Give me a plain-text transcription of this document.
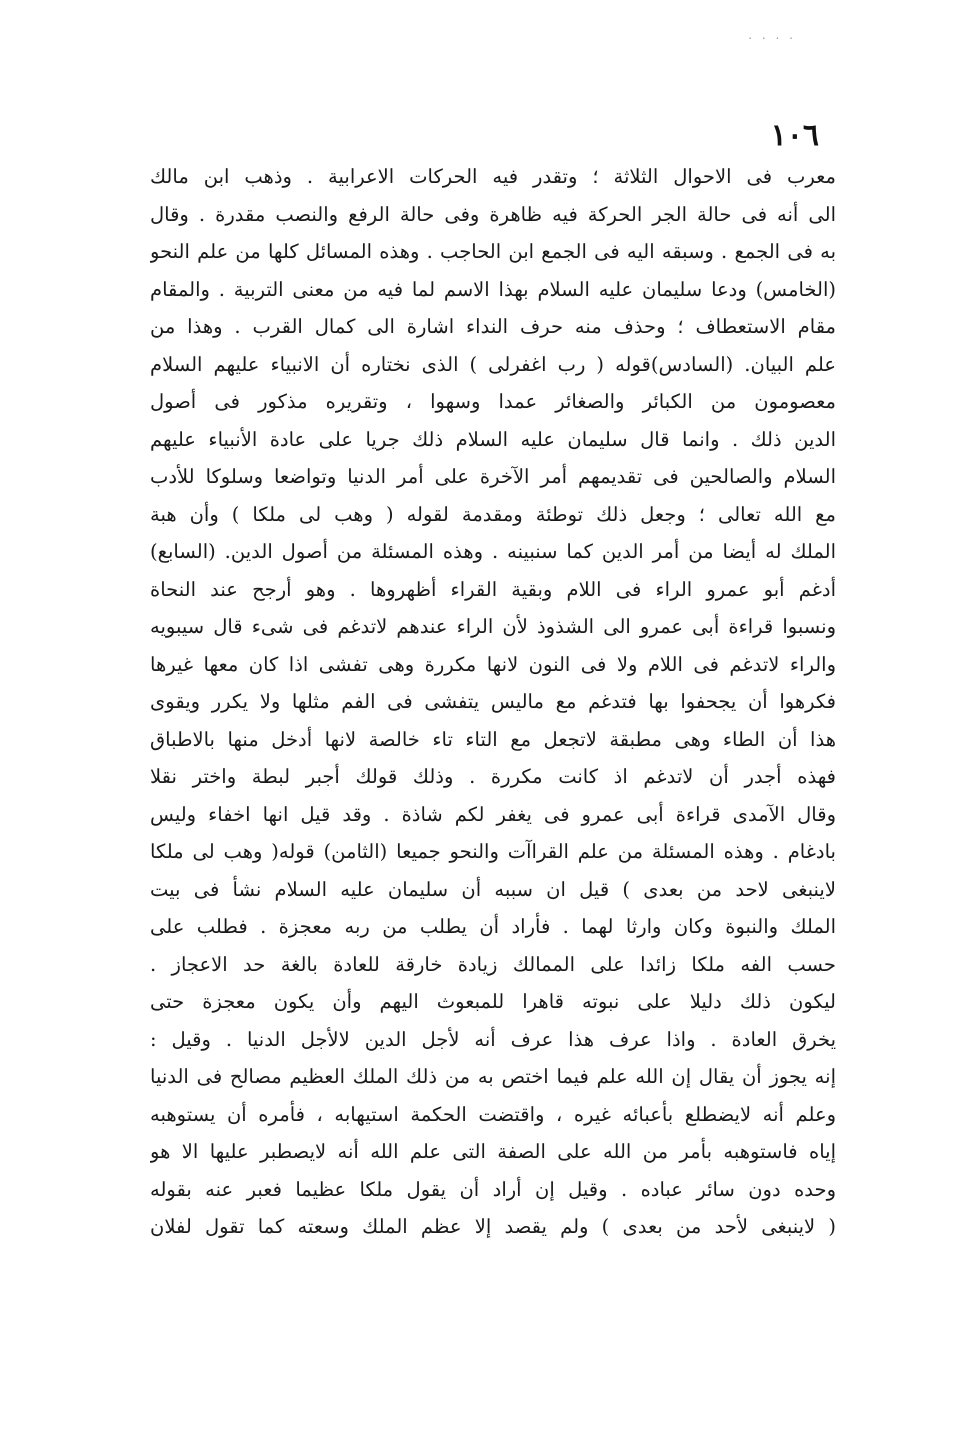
. . . .
١٠٦
معرب فى الاحوال الثلاثة ؛ وتقدر فيه الحركات الاعرابية . وذهب ابن مالك
الى أنه فى حالة الجر الحركة فيه ظاهرة وفى حالة الرفع والنصب مقدرة . وقال
به فى الجمع . وسبقه اليه فى الجمع ابن الحاجب . وهذه المسائل كلها من علم النحو
(الخامس) ودعا سليمان عليه السلام بهذا الاسم لما فيه من معنى التربية . والمقام
مقام الاستعطاف ؛ وحذف منه حرف النداء اشارة الى كمال القرب . وهذا من
علم البيان. (السادس)قوله ( رب اغفرلى ) الذى نختاره أن الانبياء عليهم السلام
معصومون من الكبائر والصغائر عمدا وسهوا ، وتقريره مذكور فى أصول
الدين ذلك . وانما قال سليمان عليه السلام ذلك جريا على عادة الأنبياء عليهم
السلام والصالحين فى تقديمهم أمر الآخرة على أمر الدنيا وتواضعا وسلوكا للأدب
مع الله تعالى ؛ وجعل ذلك توطئة ومقدمة لقوله ( وهب لى ملكا ) وأن هبة
الملك له أيضا من أمر الدين كما سنبينه . وهذه المسئلة من أصول الدين. (السابع)
أدغم أبو عمرو الراء فى اللام وبقية القراء أظهروها . وهو أرجح عند النحاة
ونسبوا قراءة أبى عمرو الى الشذوذ لأن الراء عندهم لاتدغم فى شىء قال سيبويه
والراء لاتدغم فى اللام ولا فى النون لانها مكررة وهى تفشى اذا كان معها غيرها
فكرهوا أن يجحفوا بها فتدغم مع ماليس يتفشى فى الفم مثلها ولا يكرر ويقوى
هذا أن الطاء وهى مطبقة لاتجعل مع التاء تاء خالصة لانها أدخل منها بالاطباق
فهذه أجدر أن لاتدغم اذ كانت مكررة . وذلك قولك أجبر لبطة واختر نقلا
وقال الآمدى قراءة أبى عمرو فى يغفر لكم شاذة . وقد قيل انها اخفاء وليس
بادغام . وهذه المسئلة من علم القراآت والنحو جميعا (الثامن) قوله( وهب لى ملكا
لاينبغى لاحد من بعدى ) قيل ان سببه أن سليمان عليه السلام نشأ فى بيت
الملك والنبوة وكان وارثا لهما . فأراد أن يطلب من ربه معجزة . فطلب على
حسب الفه ملكا زائدا على الممالك زيادة خارقة للعادة بالغة حد الاعجاز .
ليكون ذلك دليلا على نبوته قاهرا للمبعوث اليهم وأن يكون معجزة حتى
يخرق العادة . واذا عرف هذا عرف أنه لأجل الدين لالأجل الدنيا . وقيل :
إنه يجوز أن يقال إن الله علم فيما اختص به من ذلك الملك العظيم مصالح فى الدنيا
وعلم أنه لايضطلع بأعبائه غيره ، واقتضت الحكمة استيهابه ، فأمره أن يستوهبه
إياه فاستوهبه بأمر من الله على الصفة التى علم الله أنه لايصطبر عليها الا هو
وحده دون سائر عباده . وقيل إن أراد أن يقول ملكا عظيما فعبر عنه بقوله
( لاينبغى لأحد من بعدى ) ولم يقصد إلا عظم الملك وسعته كما تقول لفلان
